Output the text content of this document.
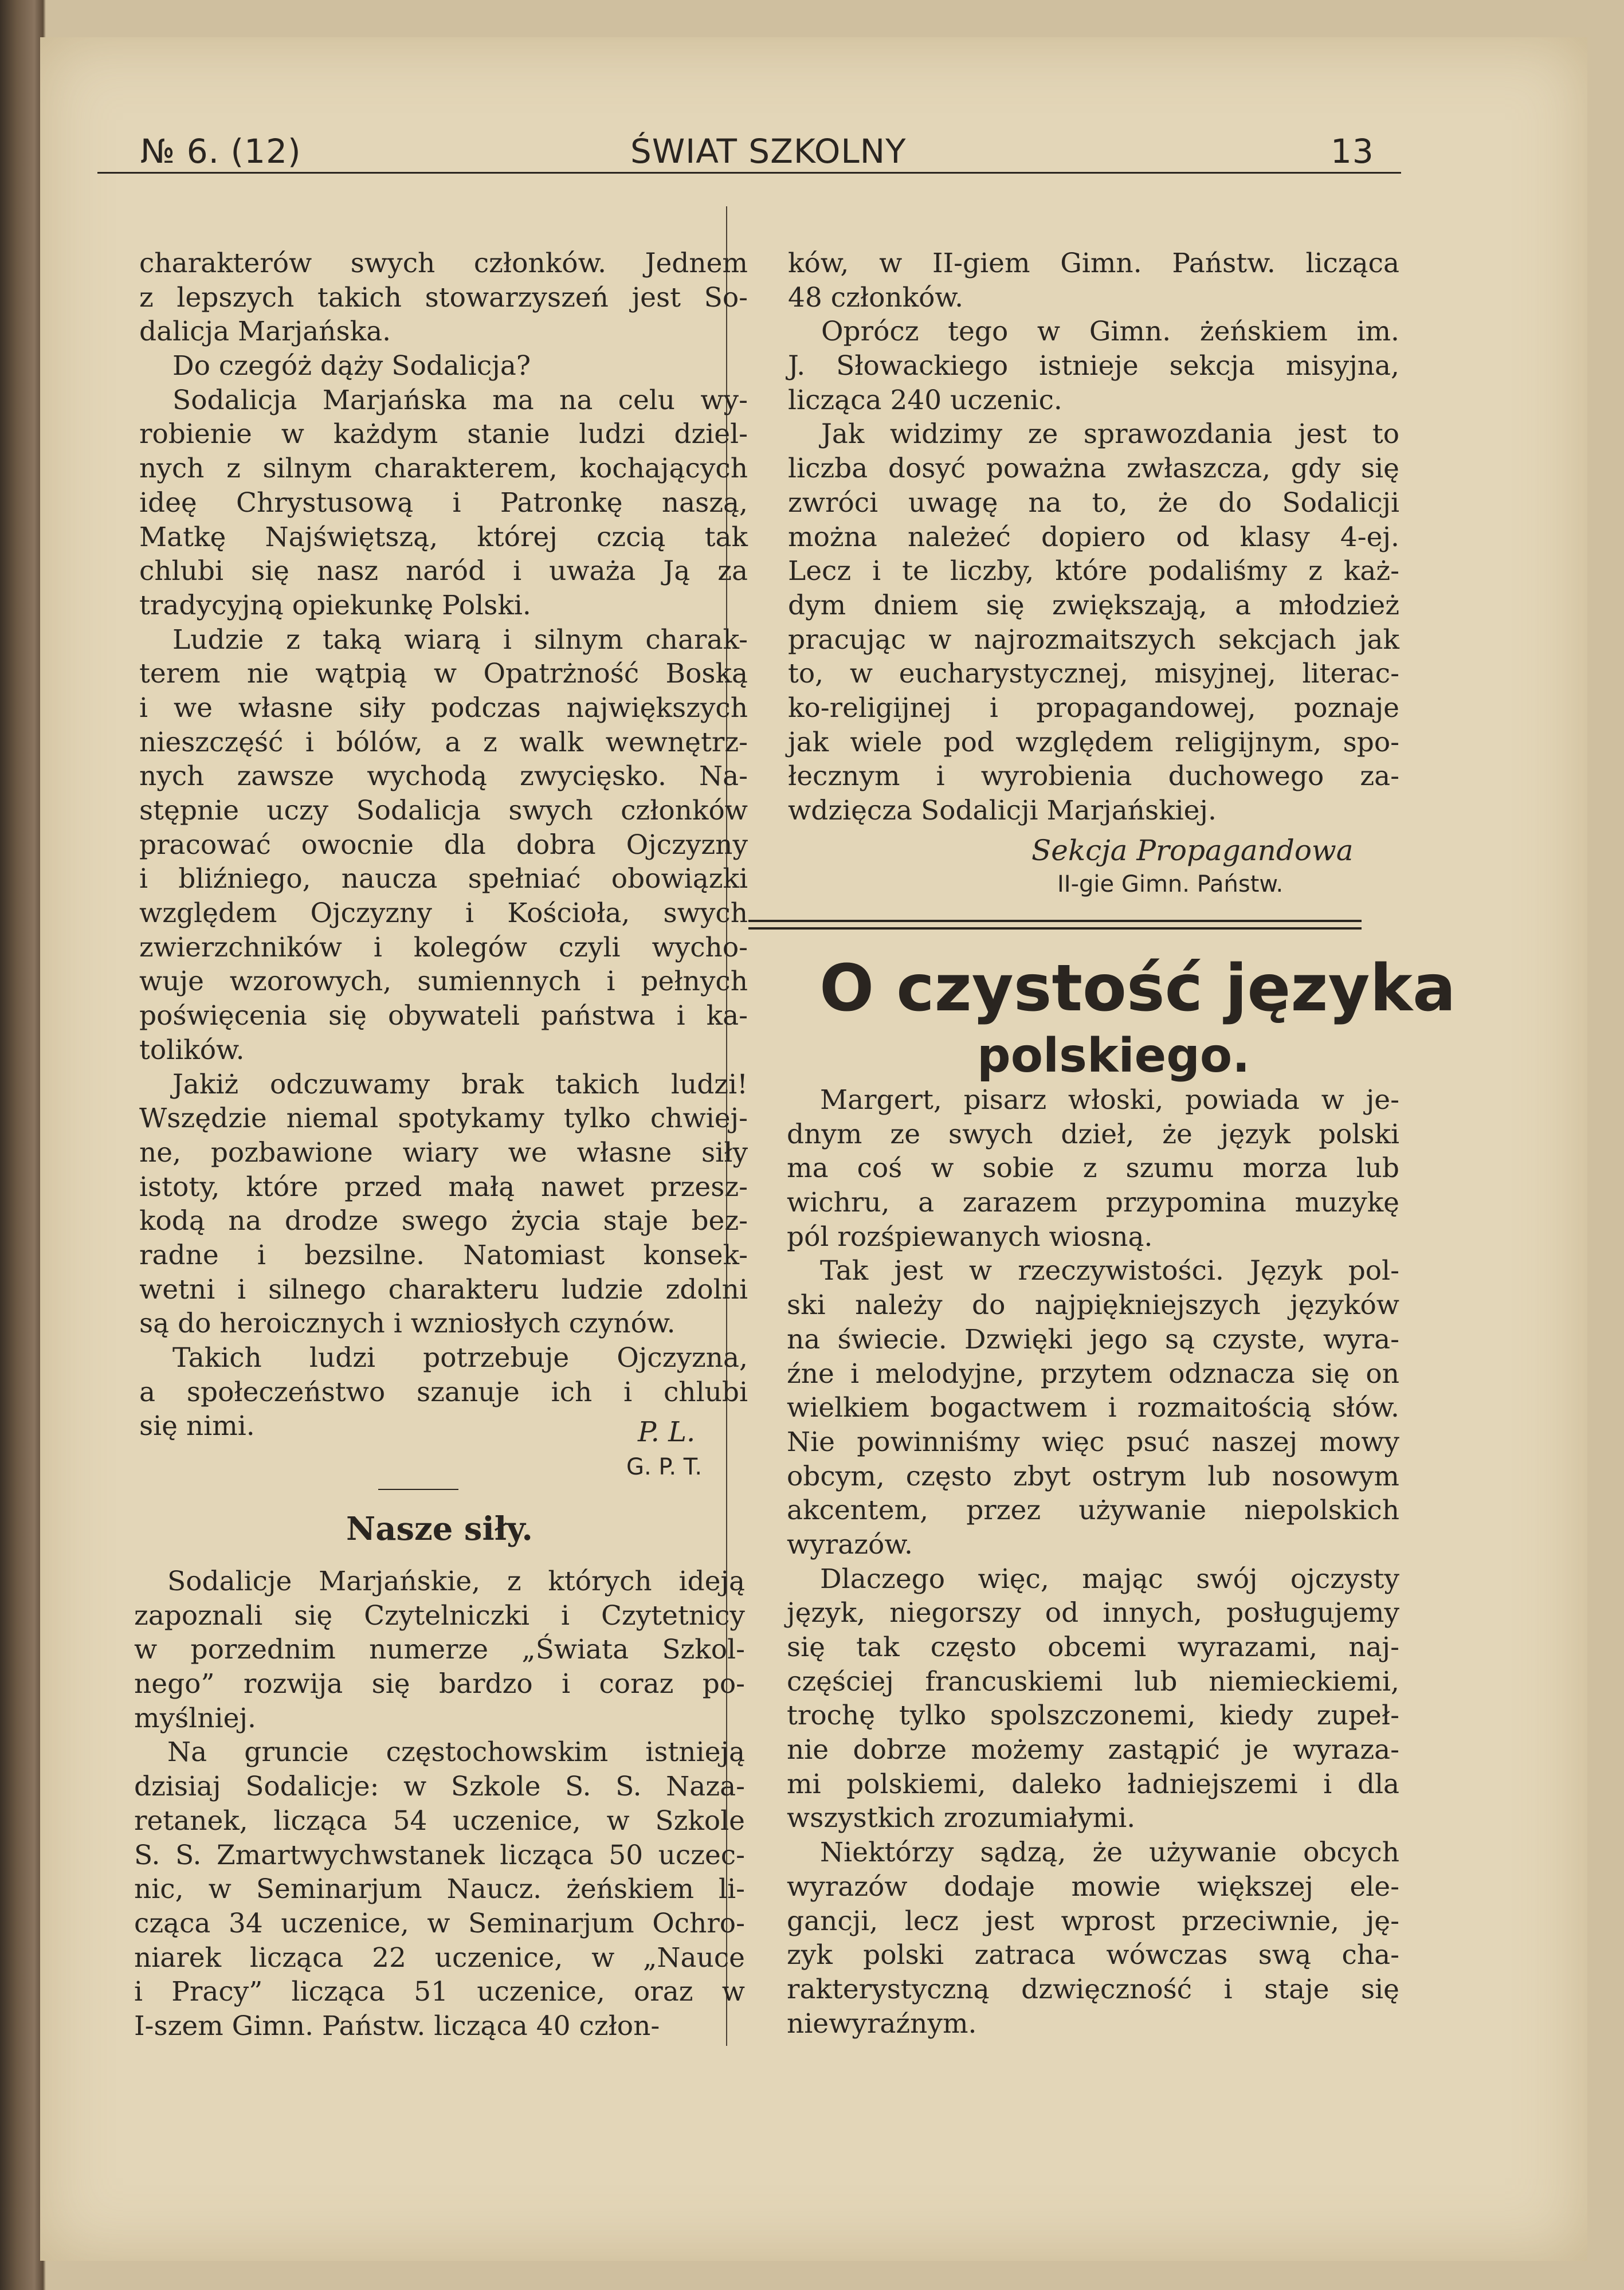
№ 6. (12)	ŚWIAT SZKOLNY	13
charakterów swych członków. Jednem
z lepszych takich stowarzyszeń jest So-
dalicja Marjańska.
Do czegóż dąży Sodalicja?
Sodalicja Marjańska ma na celu wy-
robienie w każdym stanie ludzi dziel-
nych z silnym charakterem, kochających
ideę Chrystusową i Patronkę naszą,
Matkę Najświętszą, której czcią tak
chlubi się nasz naród i uważa Ją za
tradycyjną opiekunkę Polski.
Ludzie z taką wiarą i silnym charak-
terem nie wątpią w Opatrżność Boską
i we własne siły podczas największych
nieszczęść i bólów, a z walk wewnętrz-
nych zawsze wychodą zwycięsko. Na-
stępnie uczy Sodalicja swych członków
pracować owocnie dla dobra Ojczyzny
i bliźniego, naucza spełniać obowiązki
względem Ojczyzny i Kościoła, swych
zwierzchników i kolegów czyli wycho-
wuje wzorowych, sumiennych i pełnych
poświęcenia się obywateli państwa i ka-
tolików.
Jakiż odczuwamy brak takich ludzi!
Wszędzie niemal spotykamy tylko chwiej-
ne, pozbawione wiary we własne siły
istoty, które przed małą nawet przesz-
kodą na drodze swego życia staje bez-
radne i bezsilne. Natomiast konsek-
wetni i silnego charakteru ludzie zdolni
są do heroicznych i wzniosłych czynów.
Takich ludzi potrzebuje Ojczyzna,
a społeczeństwo szanuje ich i chlubi
się nimi.	P. L.
G. P. T.
Nasze siły.
Sodalicje Marjańskie, z których ideją
zapoznali się Czytelniczki i Czytetnicy
w porzednim numerze „Świata Szkol-
nego” rozwija się bardzo i coraz po-
myślniej.
Na gruncie częstochowskim istnieją
dzisiaj Sodalicje: w Szkole S. S. Naza-
retanek, licząca 54 uczenice, w Szkole
S. S. Zmartwychwstanek licząca 50 uczec-
nic, w Seminarjum Naucz. żeńskiem li-
cząca 34 uczenice, w Seminarjum Ochro-
niarek licząca 22 uczenice, w „Nauce
i Pracy” licząca 51 uczenice, oraz w
I-szem Gimn. Państw. licząca 40 człon-
ków, w II-giem Gimn. Państw. licząca
48 członków.
Oprócz tego w Gimn. żeńskiem im.
J. Słowackiego istnieje sekcja misyjna,
licząca 240 uczenic.
Jak widzimy ze sprawozdania jest to
liczba dosyć poważna zwłaszcza, gdy się
zwróci uwagę na to, że do Sodalicji
można należeć dopiero od klasy 4-ej.
Lecz i te liczby, które podaliśmy z każ-
dym dniem się zwiększają, a młodzież
pracując w najrozmaitszych sekcjach jak
to, w eucharystycznej, misyjnej, literac-
ko-religijnej i propagandowej, poznaje
jak wiele pod względem religijnym, spo-
łecznym i wyrobienia duchowego za-
wdzięcza Sodalicji Marjańskiej.
Sekcja Propagandowa
II-gie Gimn. Państw.
O czystość języka
polskiego.
Margert, pisarz włoski, powiada w je-
dnym ze swych dzieł, że język polski
ma coś w sobie z szumu morza lub
wichru, a zarazem przypomina muzykę
pól rozśpiewanych wiosną.
Tak jest w rzeczywistości. Język pol-
ski należy do najpiękniejszych języków
na świecie. Dzwięki jego są czyste, wyra-
źne i melodyjne, przytem odznacza się on
wielkiem bogactwem i rozmaitością słów.
Nie powinniśmy więc psuć naszej mowy
obcym, często zbyt ostrym lub nosowym
akcentem, przez używanie niepolskich
wyrazów.
Dlaczego więc, mając swój ojczysty
język, niegorszy od innych, posługujemy
się tak często obcemi wyrazami, naj-
częściej francuskiemi lub niemieckiemi,
trochę tylko spolszczonemi, kiedy zupeł-
nie dobrze możemy zastąpić je wyraza-
mi polskiemi, daleko ładniejszemi i dla
wszystkich zrozumiałymi.
Niektórzy sądzą, że używanie obcych
wyrazów dodaje mowie większej ele-
gancji, lecz jest wprost przeciwnie, ję-
zyk polski zatraca wówczas swą cha-
rakterystyczną dzwięczność i staje się
niewyraźnym.
